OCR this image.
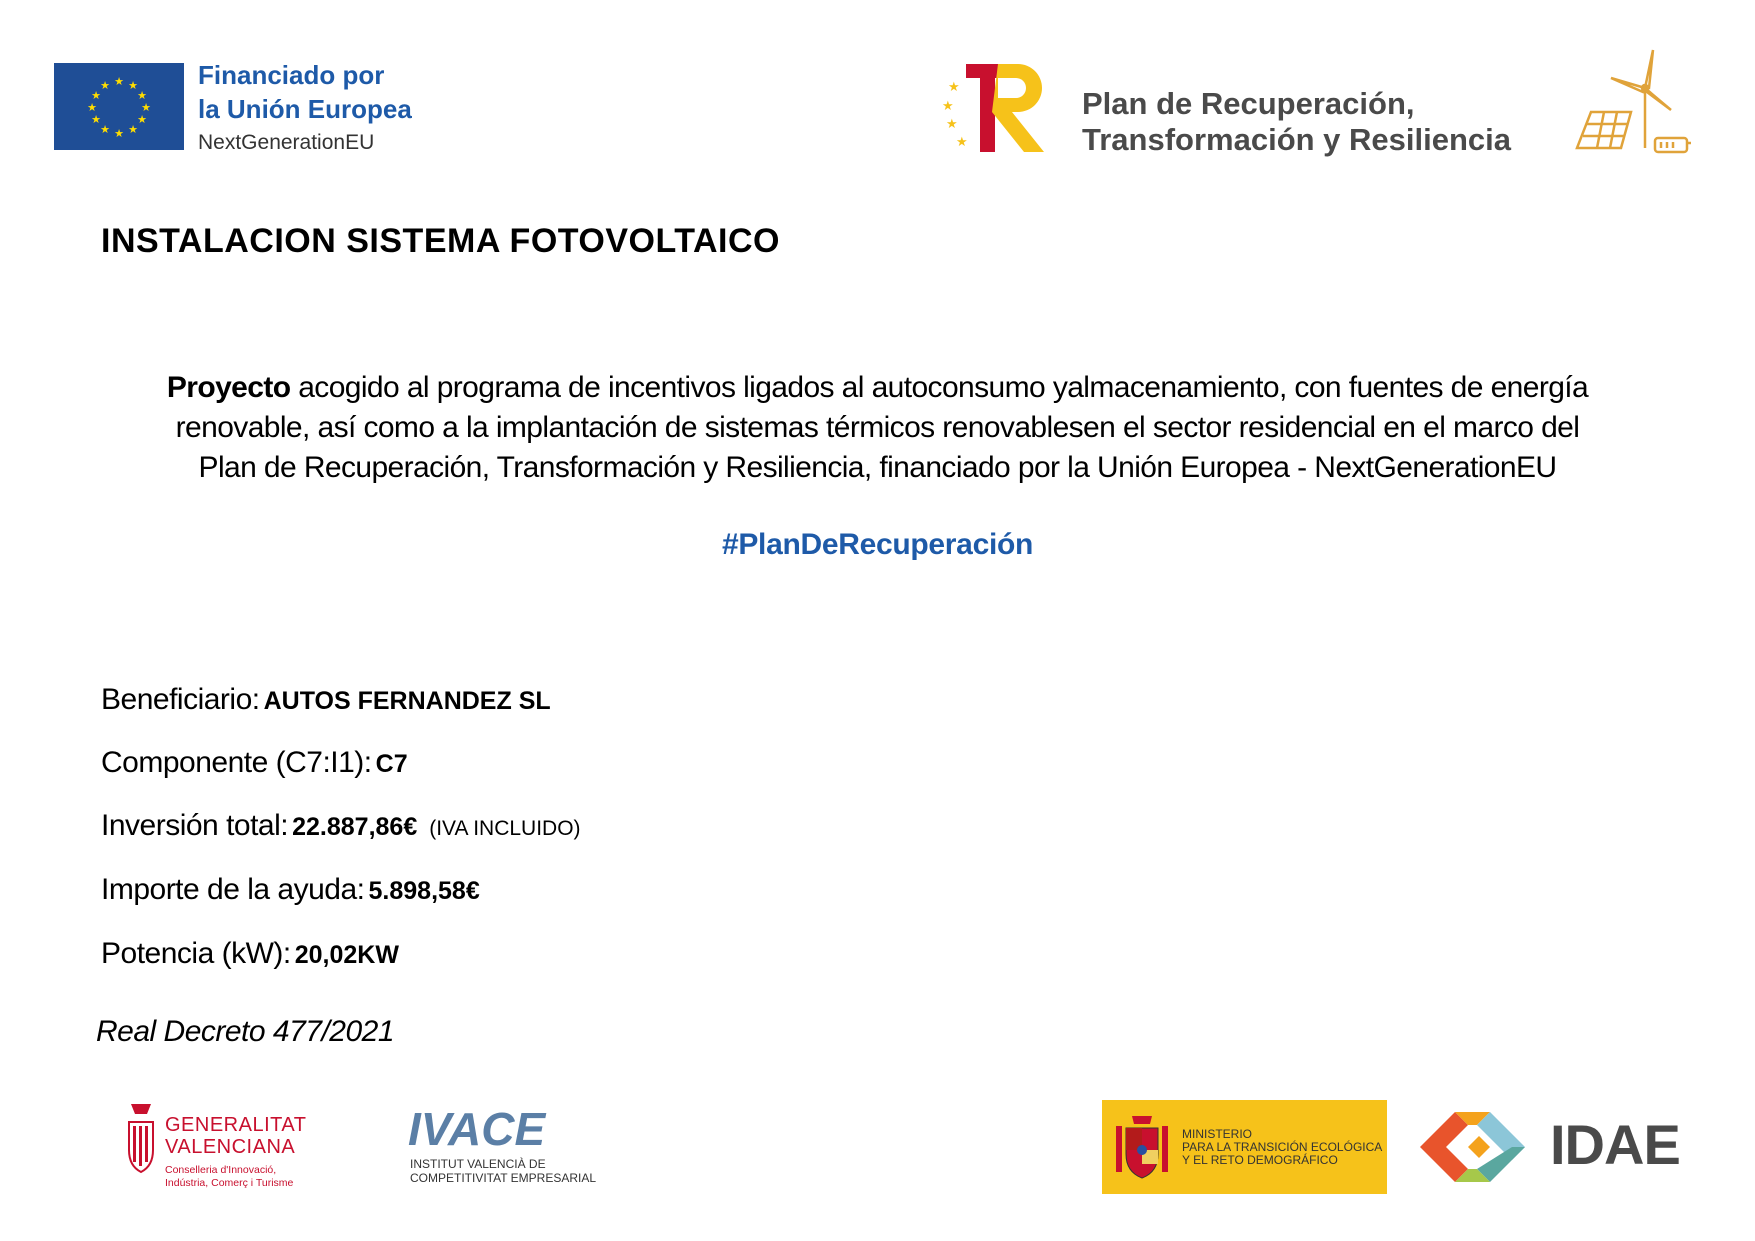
★ ★
★
★
★
★
★
★
★
★
★
★	Financiado por
la Unión Europea
NextGenerationEU
★
★
★
★
Plan de Recuperación,
Transformación y Resiliencia
INSTALACION SISTEMA FOTOVOLTAICO
Proyecto acogido al programa de incentivos ligados al autoconsumo yalmacenamiento, con fuentes de energía
renovable, así como a la implantación de sistemas térmicos renovablesen el sector residencial en el marco del
Plan de Recuperación, Transformación y Resiliencia, financiado por la Unión Europea - NextGenerationEU
#PlanDeRecuperación
Beneficiario: AUTOS FERNANDEZ SL
Componente (C7:I1): C7
Inversión total: 22.887,86€ (IVA INCLUIDO)
Importe de la ayuda: 5.898,58€
Potencia (kW): 20,02KW
Real Decreto 477/2021
GENERALITAT
VALENCIANA
Conselleria d'Innovació,
Indústria, Comerç i Turisme
IVACE
INSTITUT VALENCIÀ DE
COMPETITIVITAT EMPRESARIAL
MINISTERIO
PARA LA TRANSICIÓN ECOLÓGICA
Y EL RETO DEMOGRÁFICO	IDAE
